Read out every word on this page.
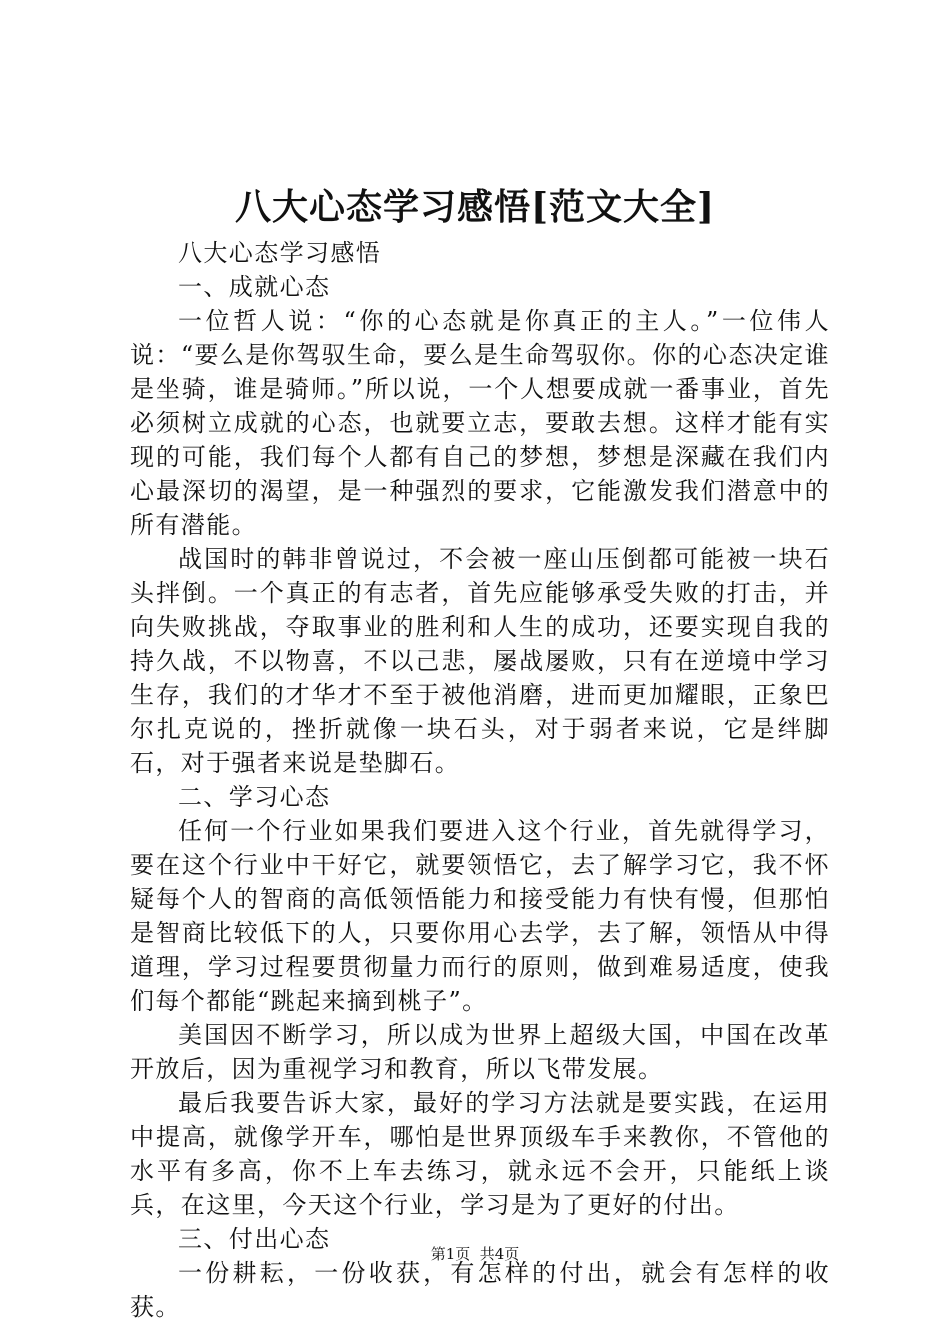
八大心态学习感悟[范文大全]

八大心态学习感悟

一、成就心态

一位哲人说：“你的心态就是你真正的主人。”一位伟人说：“要么是你驾驭生命，要么是生命驾驭你。你的心态决定谁是坐骑，谁是骑师。”所以说，一个人想要成就一番事业，首先必须树立成就的心态，也就要立志，要敢去想。这样才能有实现的可能，我们每个人都有自己的梦想，梦想是深藏在我们内心最深切的渴望，是一种强烈的要求，它能激发我们潜意中的所有潜能。

战国时的韩非曾说过，不会被一座山压倒都可能被一块石头拌倒。一个真正的有志者，首先应能够承受失败的打击，并向失败挑战，夺取事业的胜利和人生的成功，还要实现自我的持久战，不以物喜，不以己悲，屡战屡败，只有在逆境中学习生存，我们的才华才不至于被他消磨，进而更加耀眼，正象巴尔扎克说的，挫折就像一块石头，对于弱者来说，它是绊脚石，对于强者来说是垫脚石。

二、学习心态

任何一个行业如果我们要进入这个行业，首先就得学习，要在这个行业中干好它，就要领悟它，去了解学习它，我不怀疑每个人的智商的高低领悟能力和接受能力有快有慢，但那怕是智商比较低下的人，只要你用心去学，去了解，领悟从中得道理，学习过程要贯彻量力而行的原则，做到难易适度，使我们每个都能“跳起来摘到桃子”。

美国因不断学习，所以成为世界上超级大国，中国在改革开放后，因为重视学习和教育，所以飞带发展。

最后我要告诉大家，最好的学习方法就是要实践，在运用中提高，就像学开车，哪怕是世界顶级车手来教你，不管他的水平有多高，你不上车去练习，就永远不会开，只能纸上谈兵，在这里，今天这个行业，学习是为了更好的付出。

三、付出心态

一份耕耘，一份收获，有怎样的付出，就会有怎样的收获。

第1页  共4页
